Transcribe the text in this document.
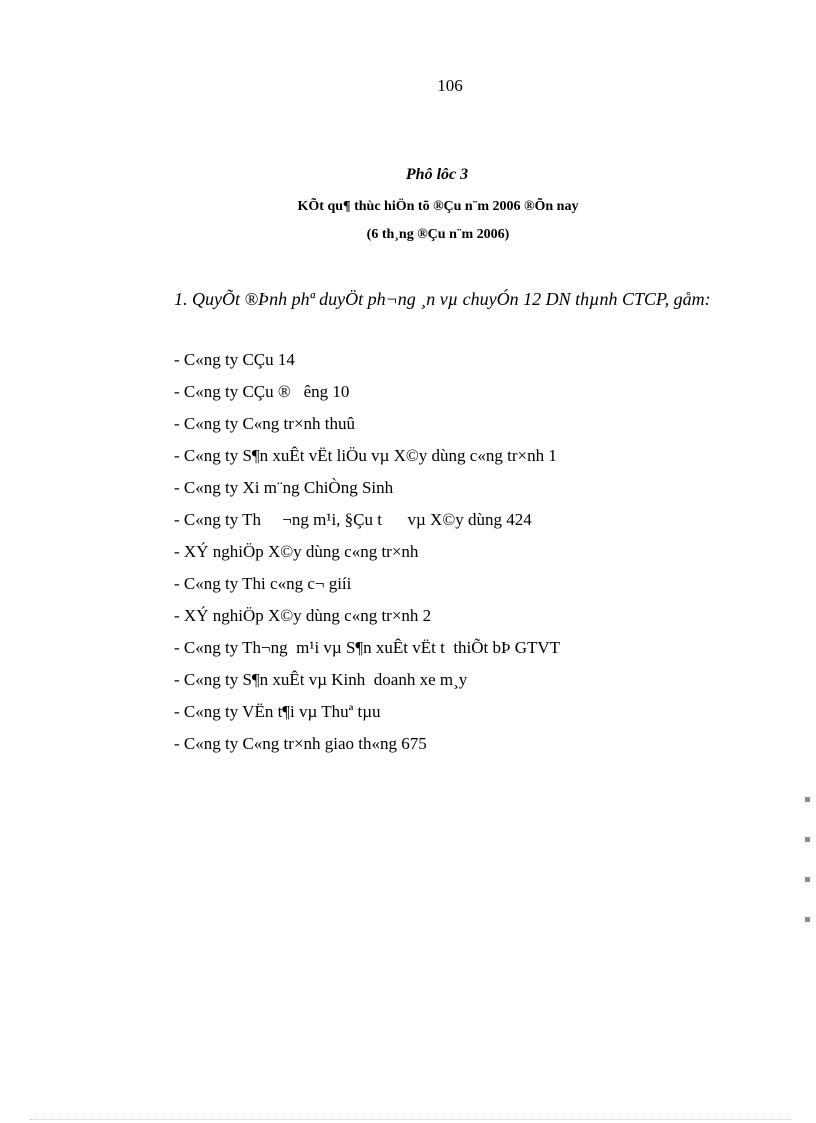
106
Phô lôc 3
KÕt qu¶ thùc hiÖn tõ ®Çu n¨m 2006 ®Õn nay
(6 th¸ng ®Çu n¨m 2006)
1. QuyÕt ®Þnh phª duyÖt ph¬ng ¸n vµ chuyÓn 12 DN thµnh CTCP, gåm:
- C«ng ty CÇu 14
- C«ng ty CÇu ®   êng 10
- C«ng ty C«ng tr×nh thuû
- C«ng ty S¶n xuÊt vËt liÖu vµ X©y dùng c«ng tr×nh 1
- C«ng ty Xi m¨ng ChiÒng Sinh
- C«ng ty Th     ¬ng m¹i, §Çu t      vµ X©y dùng 424
- XÝ nghiÖp X©y dùng c«ng tr×nh
- C«ng ty Thi c«ng c¬ giíi
- XÝ nghiÖp X©y dùng c«ng tr×nh 2
- C«ng ty Th¬ng  m¹i vµ S¶n xuÊt vËt t  thiÕt bÞ GTVT
- C«ng ty S¶n xuÊt vµ Kinh  doanh xe m¸y
- C«ng ty VËn t¶i vµ Thuª tµu
- C«ng ty C«ng tr×nh giao th«ng 675
